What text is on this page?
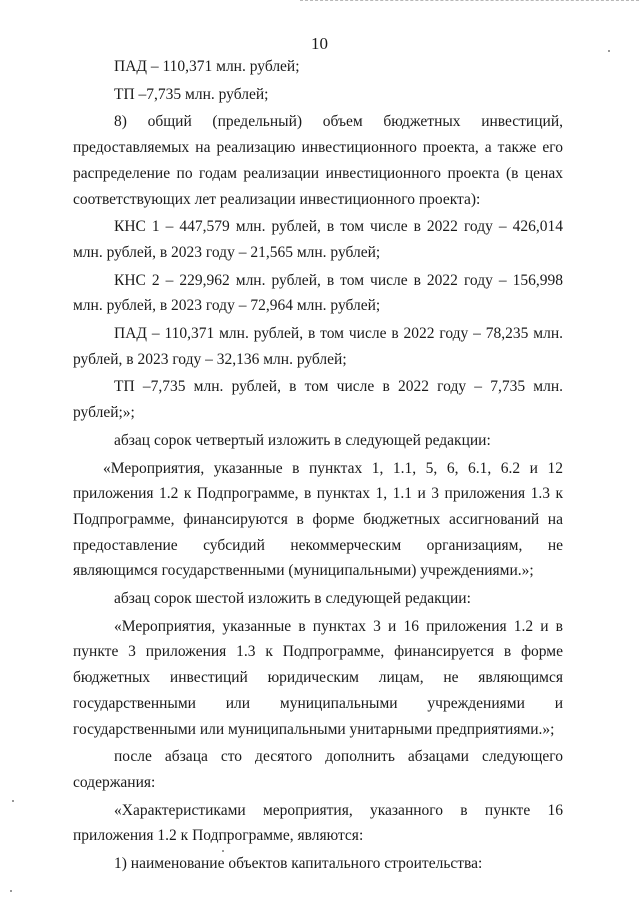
10

ПАД – 110,371 млн. рублей;

ТП –7,735 млн. рублей;

8) общий (предельный) объем бюджетных инвестиций, предоставляемых на реализацию инвестиционного проекта, а также его распределение по годам реализации инвестиционного проекта (в ценах соответствующих лет реализации инвестиционного проекта):

КНС 1 – 447,579 млн. рублей, в том числе в 2022 году – 426,014 млн. рублей, в 2023 году – 21,565 млн. рублей;

КНС 2 – 229,962 млн. рублей, в том числе в 2022 году – 156,998 млн. рублей, в 2023 году – 72,964 млн. рублей;

ПАД – 110,371 млн. рублей, в том числе в 2022 году – 78,235 млн. рублей, в 2023 году – 32,136 млн. рублей;

ТП –7,735 млн. рублей, в том числе в 2022 году – 7,735 млн. рублей;»;

абзац сорок четвертый изложить в следующей редакции:

«Мероприятия, указанные в пунктах 1, 1.1, 5, 6, 6.1, 6.2 и 12 приложения 1.2 к Подпрограмме, в пунктах 1, 1.1 и 3 приложения 1.3 к Подпрограмме, финансируются в форме бюджетных ассигнований на предоставление субсидий некоммерческим организациям, не являющимся государственными (муниципальными) учреждениями.»;

абзац сорок шестой изложить в следующей редакции:

«Мероприятия, указанные в пунктах 3 и 16 приложения 1.2 и в пункте 3 приложения 1.3 к Подпрограмме, финансируется в форме бюджетных инвестиций юридическим лицам, не являющимся государственными или муниципальными учреждениями и государственными или муниципальными унитарными предприятиями.»;

после абзаца сто десятого дополнить абзацами следующего содержания:

«Характеристиками мероприятия, указанного в пункте 16 приложения 1.2 к Подпрограмме, являются:

1) наименование объектов капитального строительства:
